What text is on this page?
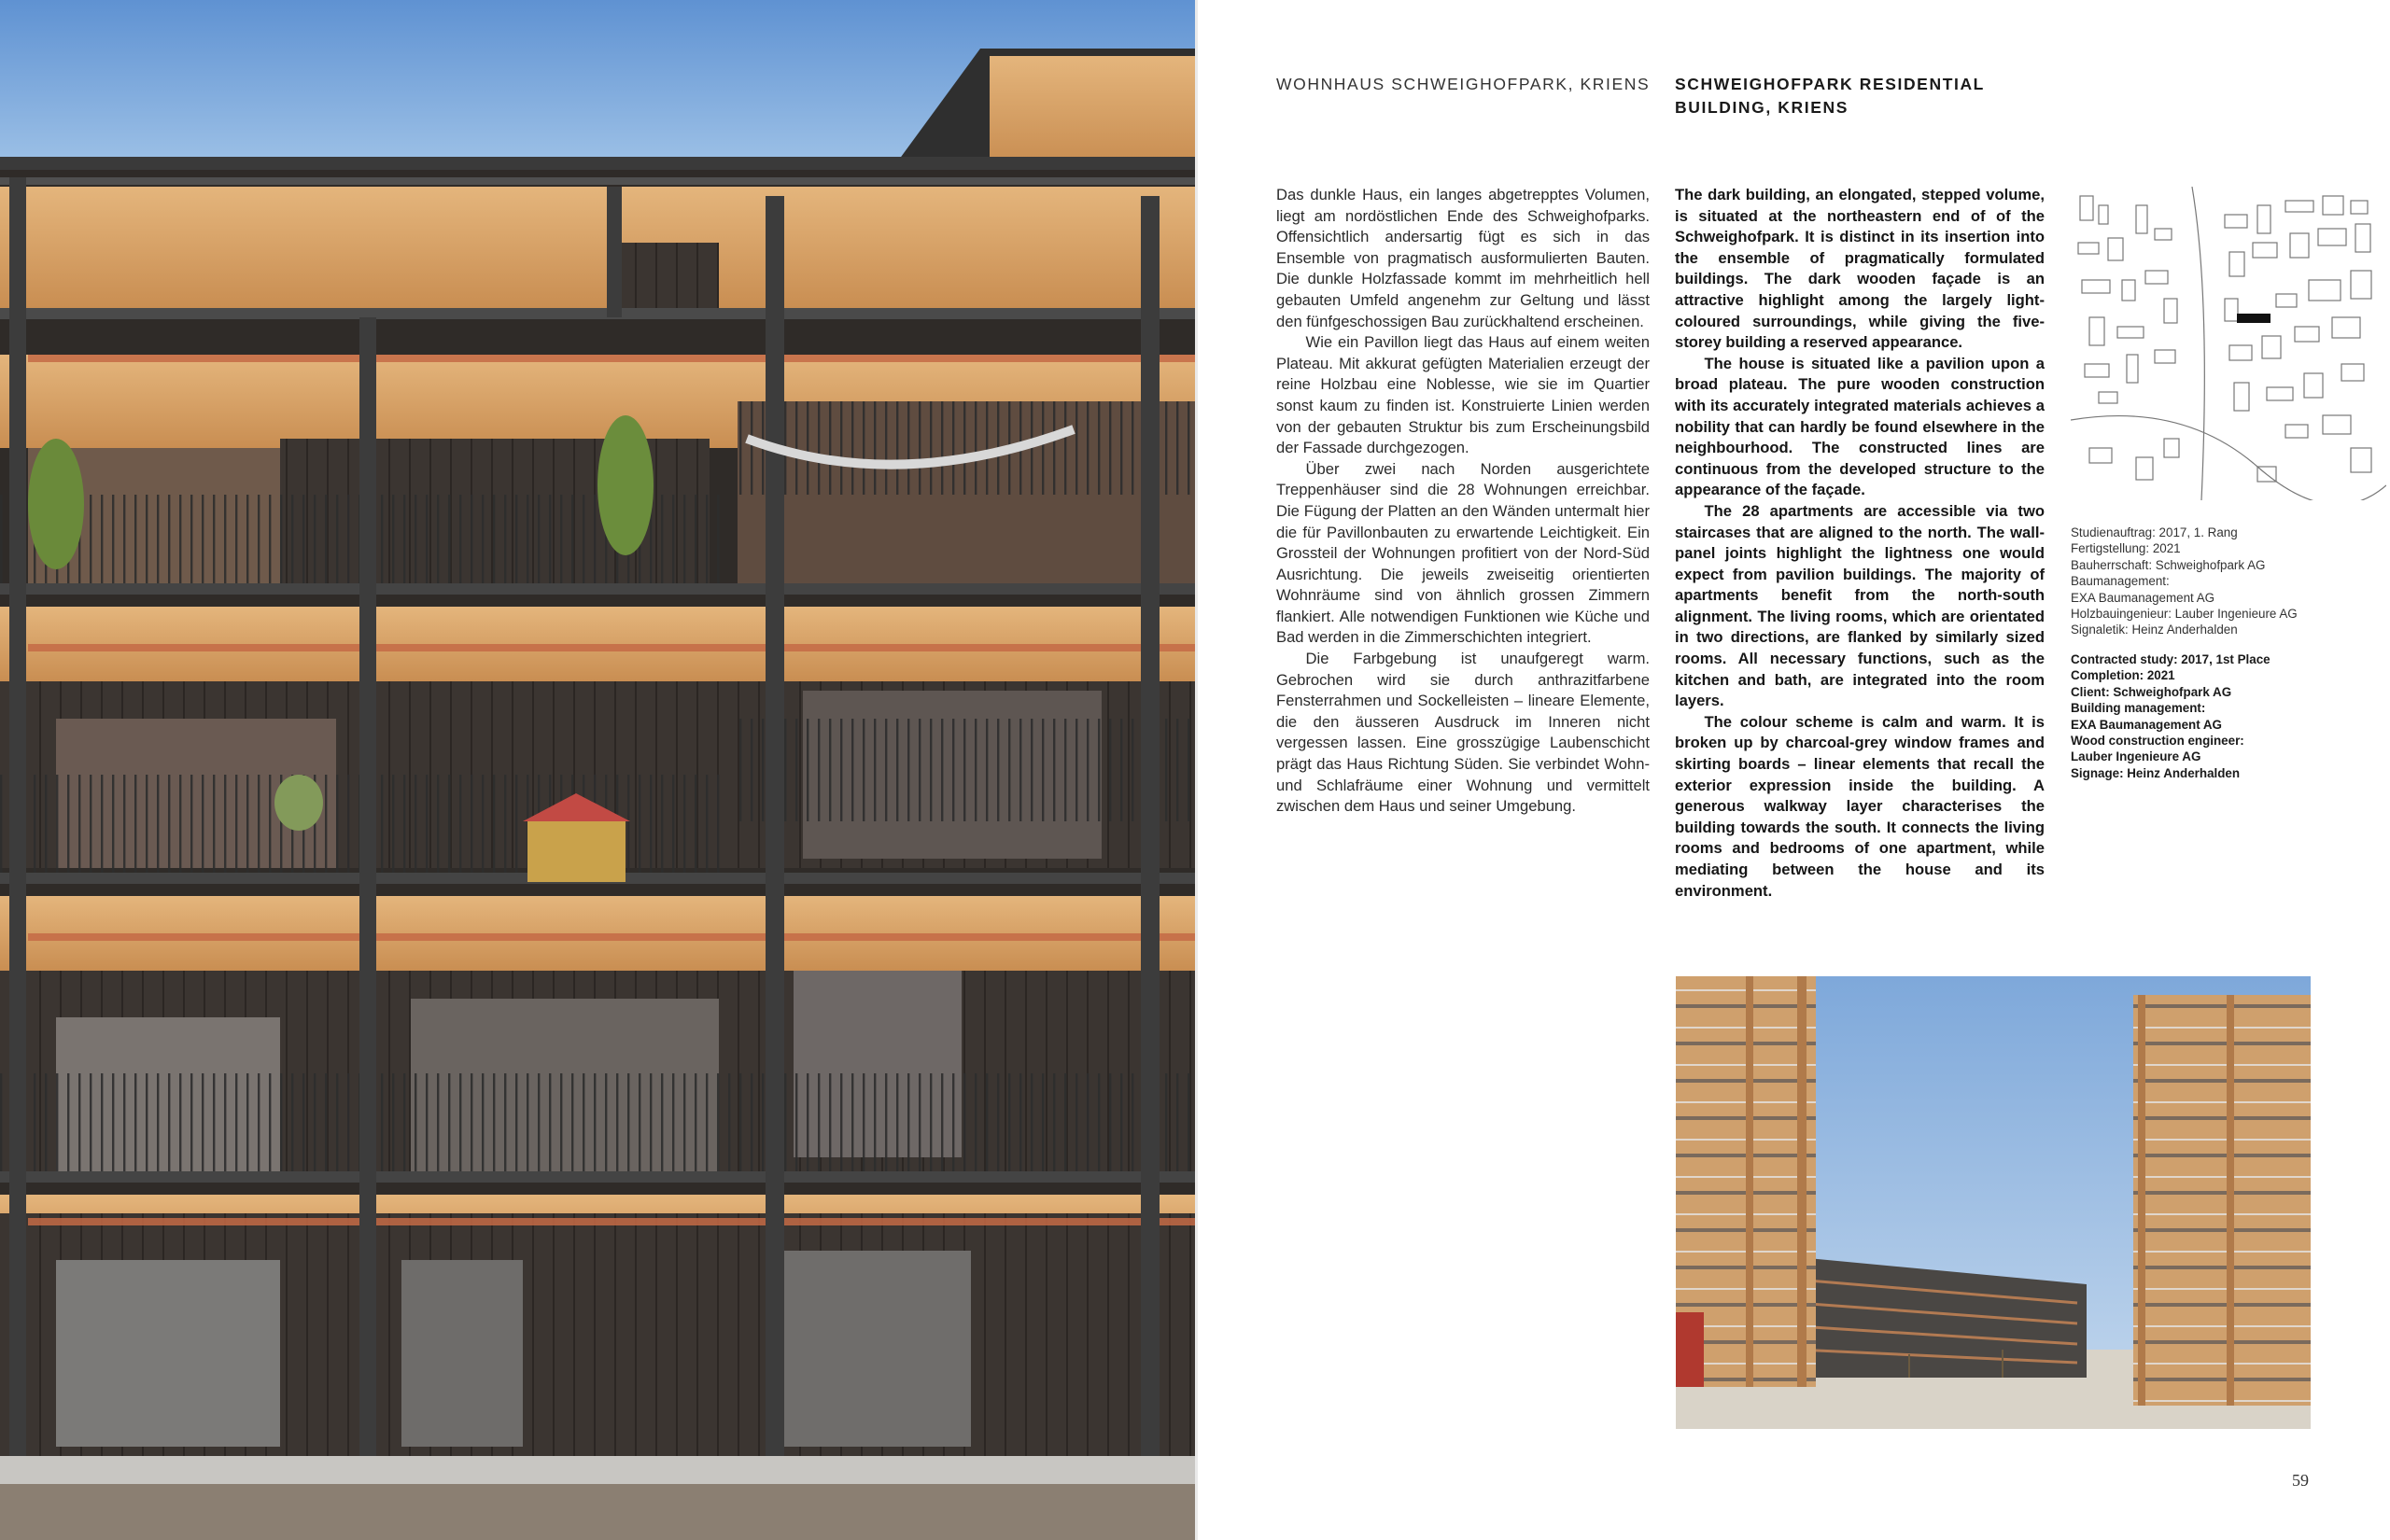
WOHNHAUS SCHWEIGHOFPARK, KRIENS SCHWEIGHOFPARK RESIDENTIAL BUILDING, KRIENS

Das dunkle Haus, ein langes abgetrepptes Volumen, liegt am nordöstlichen Ende des Schweighofparks. Offensichtlich andersartig fügt es sich in das Ensemble von pragmatisch ausformulierten Bauten. Die dunkle Holzfassade kommt im mehrheitlich hell gebauten Umfeld angenehm zur Geltung und lässt den fünfgeschossigen Bau zurückhaltend erscheinen.

Wie ein Pavillon liegt das Haus auf einem weiten Plateau. Mit akkurat gefügten Materialien erzeugt der reine Holzbau eine Noblesse, wie sie im Quartier sonst kaum zu finden ist. Konstruierte Linien werden von der gebauten Struktur bis zum Erscheinungsbild der Fassade durchgezogen.

Über zwei nach Norden ausgerichtete Treppenhäuser sind die 28 Wohnungen erreichbar. Die Fügung der Platten an den Wänden untermalt hier die für Pavillonbauten zu erwartende Leichtigkeit. Ein Grossteil der Wohnungen profitiert von der Nord-Süd Ausrichtung. Die jeweils zweiseitig orientierten Wohnräume sind von ähnlich grossen Zimmern flankiert. Alle notwendigen Funktionen wie Küche und Bad werden in die Zimmerschichten integriert.

Die Farbgebung ist unaufgeregt warm. Gebrochen wird sie durch anthrazitfarbene Fensterrahmen und Sockelleisten – lineare Elemente, die den äusseren Ausdruck im Inneren nicht vergessen lassen. Eine grosszügige Laubenschicht prägt das Haus Richtung Süden. Sie verbindet Wohn- und Schlafräume einer Wohnung und vermittelt zwischen dem Haus und seiner Umgebung.

The dark building, an elongated, stepped volume, is situated at the northeastern end of of the Schweighofpark. It is distinct in its insertion into the ensemble of pragmatically formulated buildings. The dark wooden façade is an attractive highlight among the largely light-coloured surroundings, while giving the five-storey building a reserved appearance.

The house is situated like a pavilion upon a broad plateau. The pure wooden construction with its accurately integrated materials achieves a nobility that can hardly be found elsewhere in the neighbourhood. The constructed lines are continuous from the developed structure to the appearance of the façade.

The 28 apartments are accessible via two staircases that are aligned to the north. The wall-panel joints highlight the lightness one would expect from pavilion buildings. The majority of apartments benefit from the north-south alignment. The living rooms, which are orientated in two directions, are flanked by similarly sized rooms. All necessary functions, such as the kitchen and bath, are integrated into the room layers.

The colour scheme is calm and warm. It is broken up by charcoal-grey window frames and skirting boards – linear elements that recall the exterior expression inside the building. A generous walkway layer characterises the building towards the south. It connects the living rooms and bedrooms of one apartment, while mediating between the house and its environment.

Studienauftrag: 2017, 1. Rang
Fertigstellung: 2021
Bauherrschaft: Schweighofpark AG
Baumanagement:
EXA Baumanagement AG
Holzbauingenieur: Lauber Ingenieure AG
Signaletik: Heinz Anderhalden
Contracted study: 2017, 1st Place
Completion: 2021
Client: Schweighofpark AG
Building management:
EXA Baumanagement AG
Wood construction engineer:
Lauber Ingenieure AG
Signage: Heinz Anderhalden
59
